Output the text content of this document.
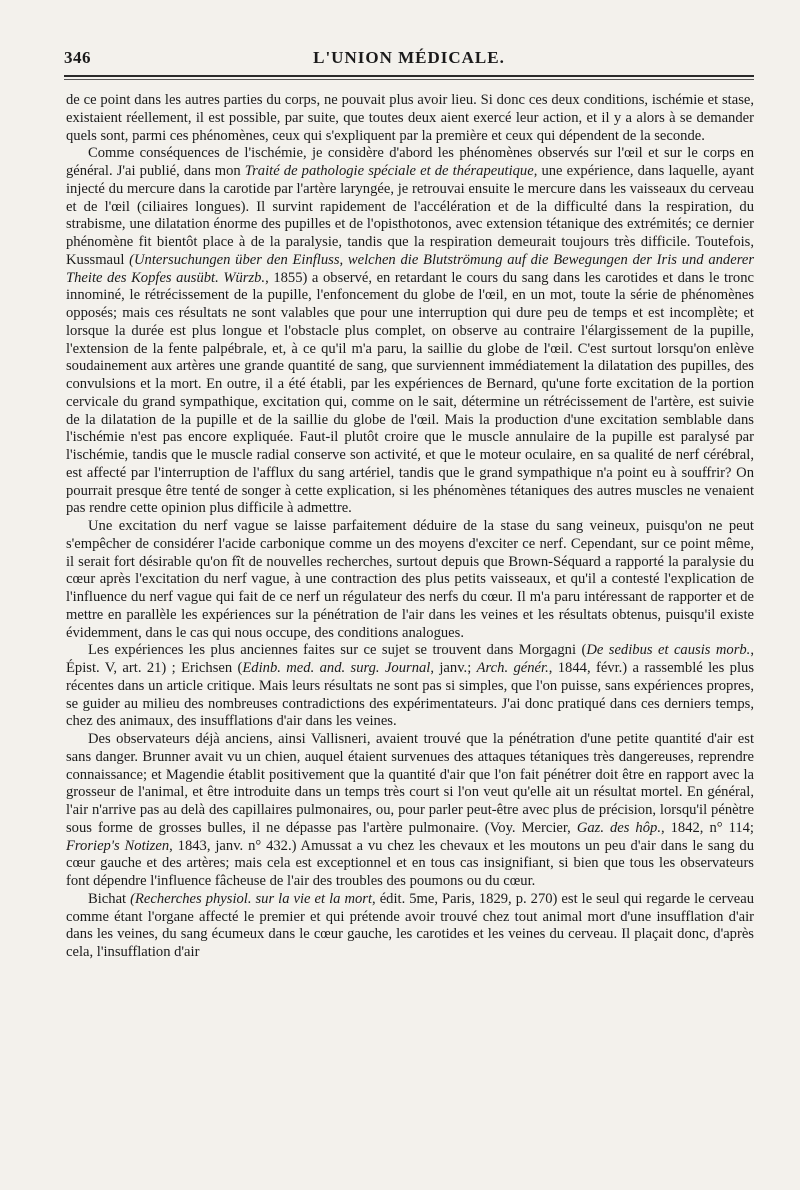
346	L'UNION MÉDICALE.

de ce point dans les autres parties du corps, ne pouvait plus avoir lieu. Si donc ces deux conditions, ischémie et stase, existaient réellement, il est possible, par suite, que toutes deux aient exercé leur action, et il y a alors à se demander quels sont, parmi ces phénomènes, ceux qui s'expliquent par la première et ceux qui dépendent de la seconde.

Comme conséquences de l'ischémie, je considère d'abord les phénomènes observés sur l'œil et sur le corps en général. J'ai publié, dans mon Traité de pathologie spéciale et de thérapeutique, une expérience, dans laquelle, ayant injecté du mercure dans la carotide par l'artère laryngée, je retrouvai ensuite le mercure dans les vaisseaux du cerveau et de l'œil (ciliaires longues). Il survint rapidement de l'accélération et de la difficulté dans la respiration, du strabisme, une dilatation énorme des pupilles et de l'opisthotonos, avec extension tétanique des extrémités; ce dernier phénomène fit bientôt place à de la paralysie, tandis que la respiration demeurait toujours très difficile. Toutefois, Kussmaul (Untersuchungen über den Einfluss, welchen die Blutströmung auf die Bewegungen der Iris und anderer Theite des Kopfes ausübt. Würzb., 1855) a observé, en retardant le cours du sang dans les carotides et dans le tronc innominé, le rétrécissement de la pupille, l'enfoncement du globe de l'œil, en un mot, toute la série de phénomènes opposés; mais ces résultats ne sont valables que pour une interruption qui dure peu de temps et est incomplète; et lorsque la durée est plus longue et l'obstacle plus complet, on observe au contraire l'élargissement de la pupille, l'extension de la fente palpébrale, et, à ce qu'il m'a paru, la saillie du globe de l'œil. C'est surtout lorsqu'on enlève soudainement aux artères une grande quantité de sang, que surviennent immédiatement la dilatation des pupilles, des convulsions et la mort. En outre, il a été établi, par les expériences de Bernard, qu'une forte excitation de la portion cervicale du grand sympathique, excitation qui, comme on le sait, détermine un rétrécissement de l'artère, est suivie de la dilatation de la pupille et de la saillie du globe de l'œil. Mais la production d'une excitation semblable dans l'ischémie n'est pas encore expliquée. Faut-il plutôt croire que le muscle annulaire de la pupille est paralysé par l'ischémie, tandis que le muscle radial conserve son activité, et que le moteur oculaire, en sa qualité de nerf cérébral, est affecté par l'interruption de l'afflux du sang artériel, tandis que le grand sympathique n'a point eu à souffrir? On pourrait presque être tenté de songer à cette explication, si les phénomènes tétaniques des autres muscles ne venaient pas rendre cette opinion plus difficile à admettre.

Une excitation du nerf vague se laisse parfaitement déduire de la stase du sang veineux, puisqu'on ne peut s'empêcher de considérer l'acide carbonique comme un des moyens d'exciter ce nerf. Cependant, sur ce point même, il serait fort désirable qu'on fît de nouvelles recherches, surtout depuis que Brown-Séquard a rapporté la paralysie du cœur après l'excitation du nerf vague, à une contraction des plus petits vaisseaux, et qu'il a contesté l'explication de l'influence du nerf vague qui fait de ce nerf un régulateur des nerfs du cœur. Il m'a paru intéressant de rapporter et de mettre en parallèle les expériences sur la pénétration de l'air dans les veines et les résultats obtenus, puisqu'il existe évidemment, dans le cas qui nous occupe, des conditions analogues.

Les expériences les plus anciennes faites sur ce sujet se trouvent dans Morgagni (De sedibus et causis morb., Épist. V, art. 21) ; Erichsen (Edinb. med. and. surg. Journal, janv.; Arch. génér., 1844, févr.) a rassemblé les plus récentes dans un article critique. Mais leurs résultats ne sont pas si simples, que l'on puisse, sans expériences propres, se guider au milieu des nombreuses contradictions des expérimentateurs. J'ai donc pratiqué dans ces derniers temps, chez des animaux, des insufflations d'air dans les veines.

Des observateurs déjà anciens, ainsi Vallisneri, avaient trouvé que la pénétration d'une petite quantité d'air est sans danger. Brunner avait vu un chien, auquel étaient survenues des attaques tétaniques très dangereuses, reprendre connaissance; et Magendie établit positivement que la quantité d'air que l'on fait pénétrer doit être en rapport avec la grosseur de l'animal, et être introduite dans un temps très court si l'on veut qu'elle ait un résultat mortel. En général, l'air n'arrive pas au delà des capillaires pulmonaires, ou, pour parler peut-être avec plus de précision, lorsqu'il pénètre sous forme de grosses bulles, il ne dépasse pas l'artère pulmonaire. (Voy. Mercier, Gaz. des hôp., 1842, n° 114; Froriep's Notizen, 1843, janv. n° 432.) Amussat a vu chez les chevaux et les moutons un peu d'air dans le sang du cœur gauche et des artères; mais cela est exceptionnel et en tous cas insignifiant, si bien que tous les observateurs font dépendre l'influence fâcheuse de l'air des troubles des poumons ou du cœur.

Bichat (Recherches physiol. sur la vie et la mort, édit. 5me, Paris, 1829, p. 270) est le seul qui regarde le cerveau comme étant l'organe affecté le premier et qui prétende avoir trouvé chez tout animal mort d'une insufflation d'air dans les veines, du sang écumeux dans le cœur gauche, les carotides et les veines du cerveau. Il plaçait donc, d'après cela, l'insufflation d'air
